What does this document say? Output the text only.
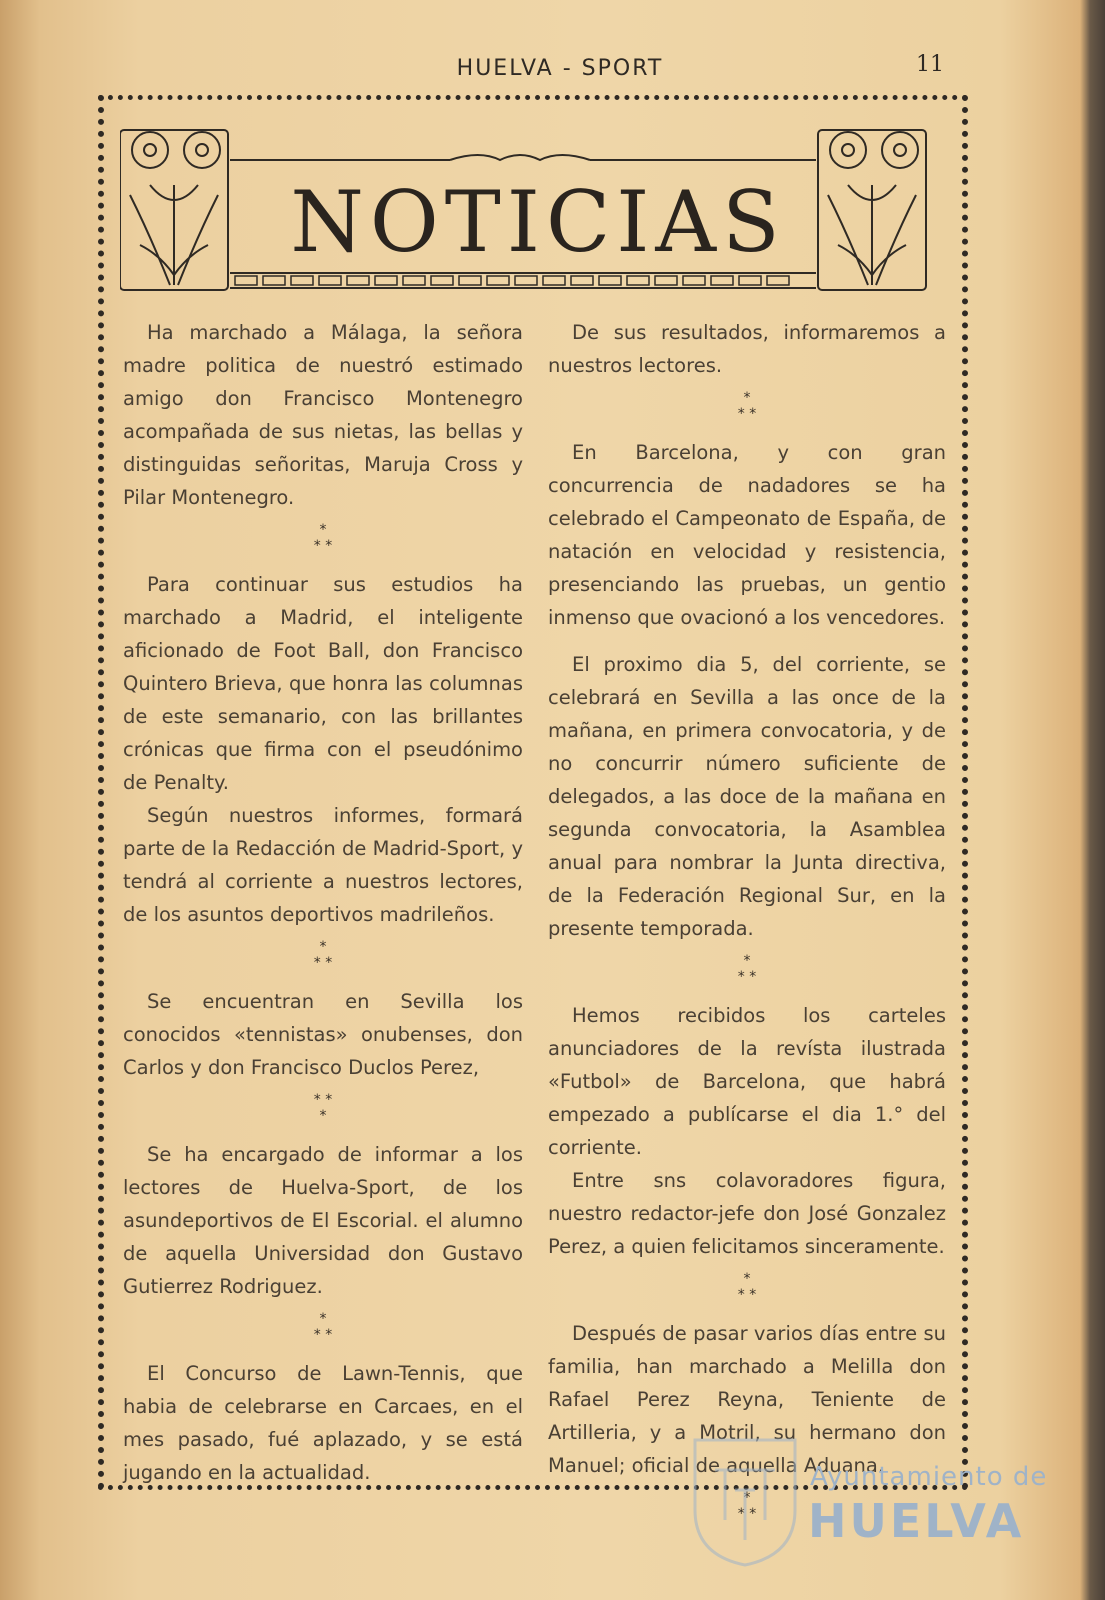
HUELVA - SPORT	11
NOTICIAS

Ha marchado a Málaga, la señora madre politica de nuestró estimado amigo don Francisco Montenegro acompañada de sus nietas, las bellas y distinguidas señoritas, Maruja Cross y Pilar Montenegro.

*
* *

Para continuar sus estudios ha marchado a Madrid, el inteligente aficionado de Foot Ball, don Francisco Quintero Brieva, que honra las columnas de este semanario, con las brillantes crónicas que firma con el pseudónimo de Penalty.

Según nuestros informes, formará parte de la Redacción de Madrid-Sport, y tendrá al corriente a nuestros lectores, de los asuntos deportivos madrileños.

*
* *

Se encuentran en Sevilla los conocidos «tennistas» onubenses, don Carlos y don Francisco Duclos Perez,

* *
*

Se ha encargado de informar a los lectores de Huelva-Sport, de los asundeportivos de El Escorial. el alumno de aquella Universidad don Gustavo Gutierrez Rodriguez.

*
* *

El Concurso de Lawn-Tennis, que habia de celebrarse en Carcaes, en el mes pasado, fué aplazado, y se está jugando en la actualidad.

De sus resultados, informaremos a nuestros lectores.

*
* *

En Barcelona, y con gran concurrencia de nadadores se ha celebrado el Campeonato de España, de natación en velocidad y resistencia, presenciando las pruebas, un gentio inmenso que ovacionó a los vencedores.

El proximo dia 5, del corriente, se celebrará en Sevilla a las once de la mañana, en primera convocatoria, y de no concurrir número suficiente de delegados, a las doce de la mañana en segunda convocatoria, la Asamblea anual para nombrar la Junta directiva, de la Federación Regional Sur, en la presente temporada.

*
* *

Hemos recibidos los carteles anunciadores de la revísta ilustrada «Futbol» de Barcelona, que habrá empezado a publícarse el dia 1.° del corriente.

Entre sns colavoradores figura, nuestro redactor-jefe don José Gonzalez Perez, a quien felicitamos sinceramente.

*
* *

Después de pasar varios días entre su familia, han marchado a Melilla don Rafael Perez Reyna, Teniente de Artilleria, y a Motril, su hermano don Manuel; oficial de aquella Aduana.

*
* *
Ayuntamiento de
HUELVA
